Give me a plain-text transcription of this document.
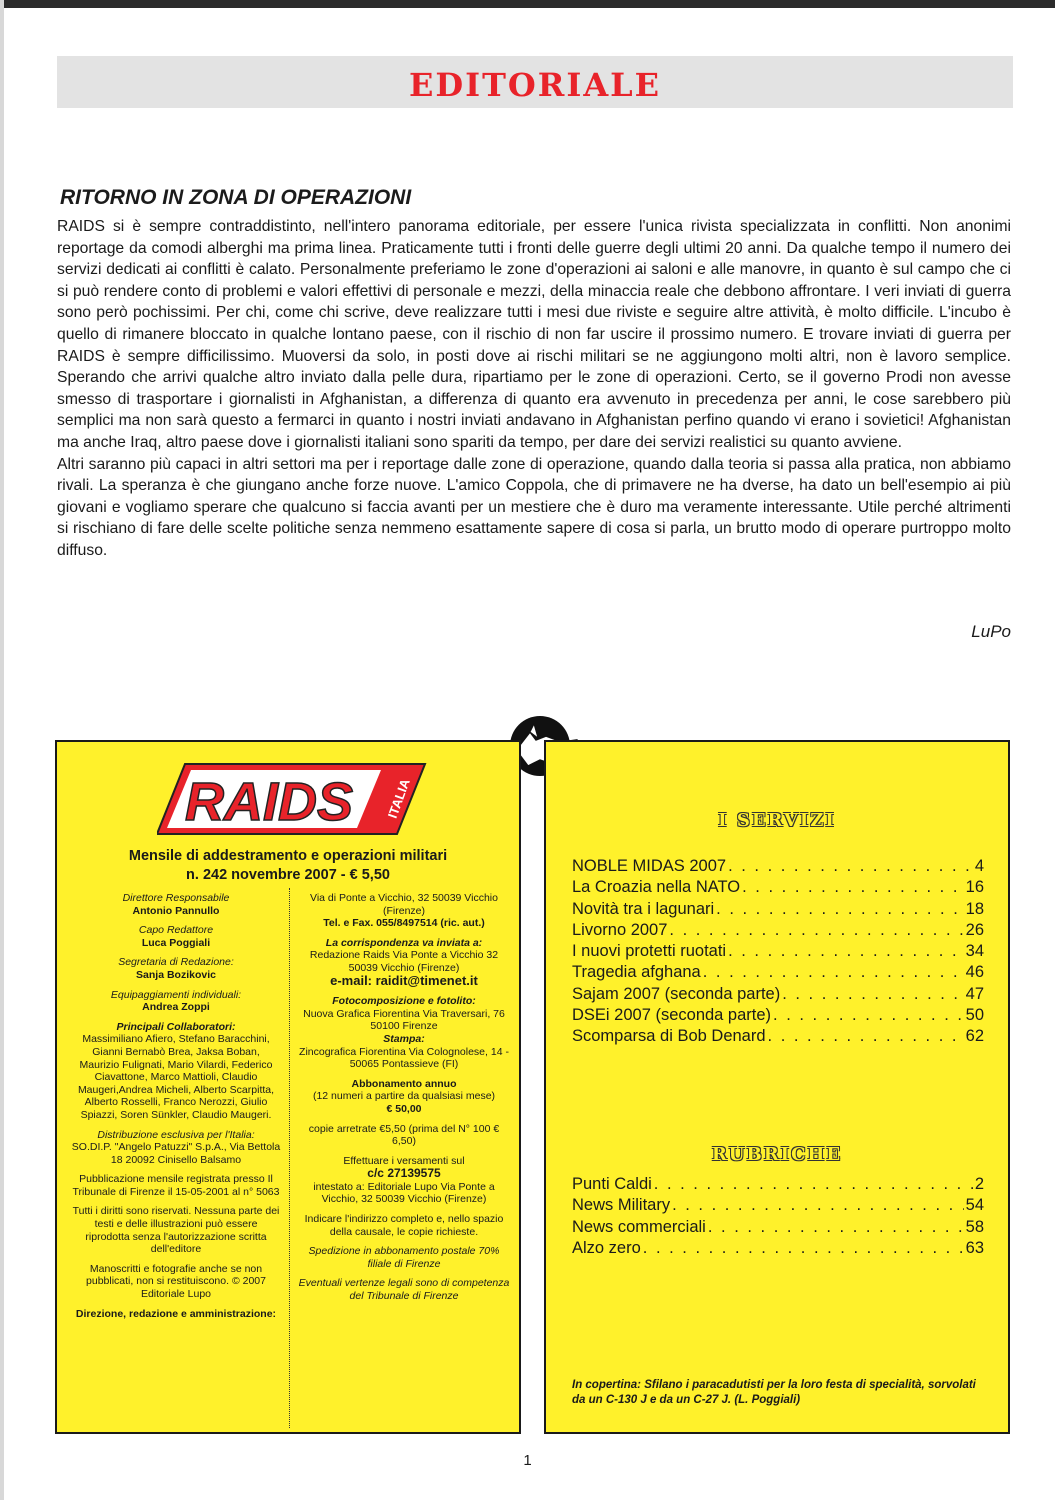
EDITORIALE
RITORNO IN ZONA DI OPERAZIONI

RAIDS si è sempre contraddistinto, nell'intero panorama editoriale, per essere l'unica rivista specializzata in conflitti. Non anonimi reportage da comodi alberghi ma prima linea. Praticamente tutti i fronti delle guerre degli ultimi 20 anni. Da qualche tempo il numero dei servizi dedicati ai conflitti è calato. Personalmente preferiamo le zone d'operazioni ai saloni e alle manovre, in quanto è sul campo che ci si può rendere conto di problemi e valori effettivi di personale e mezzi, della minaccia reale che debbono affrontare. I veri inviati di guerra sono però pochissimi. Per chi, come chi scrive, deve realizzare tutti i mesi due riviste e seguire altre attività, è molto difficile. L'incubo è quello di rimanere bloccato in qualche lontano paese, con il rischio di non far uscire il prossimo numero. E trovare inviati di guerra per RAIDS è sempre difficilissimo. Muoversi da solo, in posti dove ai rischi militari se ne aggiungono molti altri, non è lavoro semplice. Sperando che arrivi qualche altro inviato dalla pelle dura, ripartiamo per le zone di operazioni. Certo, se il governo Prodi non avesse smesso di trasportare i giornalisti in Afghanistan, a differenza di quanto era avvenuto in precedenza per anni, le cose sarebbero più semplici ma non sarà questo a fermarci in quanto i nostri inviati andavano in Afghanistan perfino quando vi erano i sovietici! Afghanistan ma anche Iraq, altro paese dove i giornalisti italiani sono spariti da tempo, per dare dei servizi realistici su quanto avviene.

Altri saranno più capaci in altri settori ma per i reportage dalle zone di operazione, quando dalla teoria si passa alla pratica, non abbiamo rivali. La speranza è che giungano anche forze nuove. L'amico Coppola, che di primavere ne ha dverse, ha dato un bell'esempio ai più giovani e vogliamo sperare che qualcuno si faccia avanti per un mestiere che è duro ma veramente interessante. Utile perché altrimenti si rischiano di fare delle scelte politiche senza nemmeno esattamente sapere di cosa si parla, un brutto modo di operare purtroppo molto diffuso.

LuPo
RAIDS ITALIA
Mensile di addestramento e operazioni militari
n. 242 novembre 2007 - € 5,50

Direttore Responsabile
Antonio Pannullo

Capo Redattore
Luca Poggiali

Segretaria di Redazione:
Sanja Bozikovic

Equipaggiamenti individuali:
Andrea Zoppi

Principali Collaboratori:
Massimiliano Afiero, Stefano Baracchini, Gianni Bernabò Brea, Jaksa Boban, Maurizio Fulignati, Mario Vilardi, Federico Ciavattone, Marco Mattioli, Claudio Maugeri,Andrea Micheli, Alberto Scarpitta, Alberto Rosselli, Franco Nerozzi, Giulio Spiazzi, Soren Sünkler, Claudio Maugeri.

Distribuzione esclusiva per l'Italia:
SO.DI.P. "Angelo Patuzzi" S.p.A., Via Bettola 18 20092 Cinisello Balsamo

Pubblicazione mensile registrata presso Il Tribunale di Firenze il 15-05-2001 al n° 5063

Tutti i diritti sono riservati. Nessuna parte dei testi e delle illustrazioni può essere riprodotta senza l'autorizzazione scritta dell'editore

Manoscritti e fotografie anche se non pubblicati, non si restituiscono. © 2007 Editoriale Lupo

Direzione, redazione e amministrazione:

Via di Ponte a Vicchio, 32 50039 Vicchio (Firenze)
Tel. e Fax. 055/8497514 (ric. aut.)

La corrispondenza va inviata a:
Redazione Raids Via Ponte a Vicchio 32 50039 Vicchio (Firenze)
e-mail: raidit@timenet.it

Fotocomposizione e fotolito:
Nuova Grafica Fiorentina Via Traversari, 76 50100 Firenze
Stampa:
Zincografica Fiorentina Via Colognolese, 14 - 50065 Pontassieve (FI)

Abbonamento annuo
(12 numeri a partire da qualsiasi mese)
€ 50,00

copie arretrate €5,50 (prima del N° 100 € 6,50)

Effettuare i versamenti sul
c/c 27139575
intestato a: Editoriale Lupo Via Ponte a Vicchio, 32 50039 Vicchio (Firenze)

Indicare l'indirizzo completo e, nello spazio della causale, le copie richieste.

Spedizione in abbonamento postale 70% filiale di Firenze

Eventuali vertenze legali sono di competenza del Tribunale di Firenze

I SERVIZI
NOBLE MIDAS 2007 . . .	4
La Croazia nella NATO . . .	16
Novità tra i lagunari . . .	18
Livorno 2007 . . .	26
I nuovi protetti ruotati . . .	34
Tragedia afghana . . .	46
Sajam 2007 (seconda parte) . . .	47
DSEi 2007 (seconda parte) . . .	50
Scomparsa di Bob Denard . . .	62
RUBRICHE
Punti Caldi . . .	2
News Military . . .	54
News commerciali . . .	58
Alzo zero . . .	63
In copertina: Sfilano i paracadutisti per la loro festa di specialità, sorvolati da un C-130 J e da un C-27 J. (L. Poggiali)
1
